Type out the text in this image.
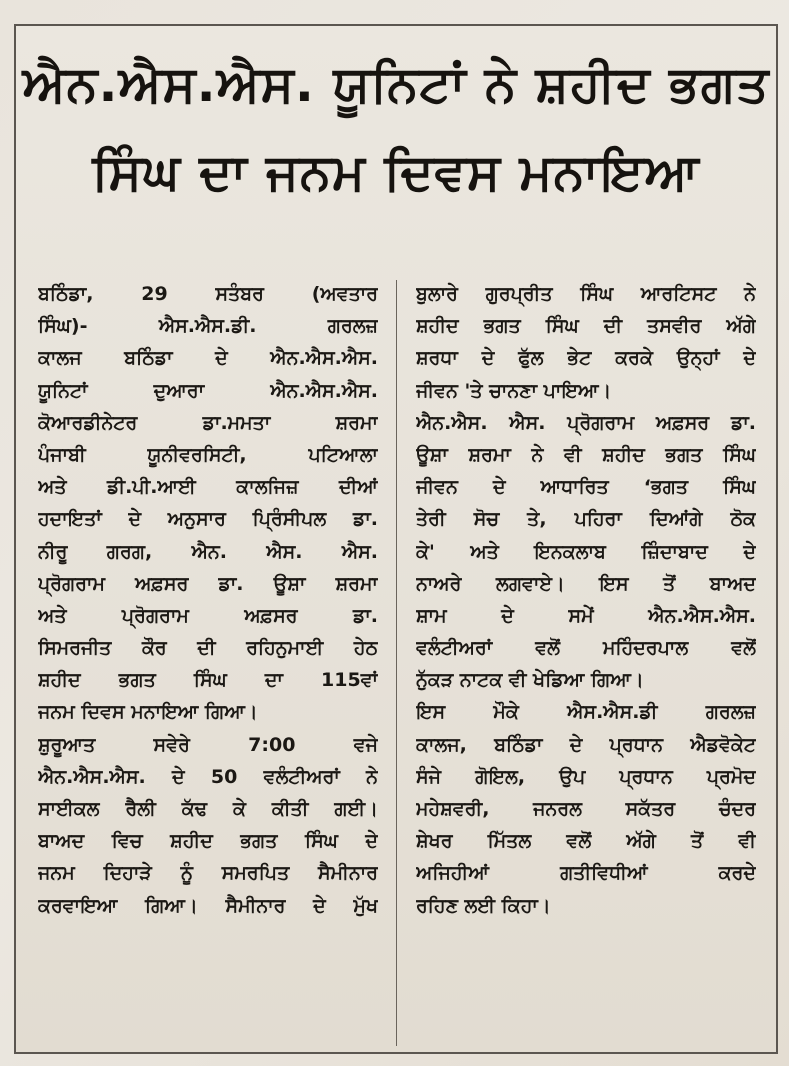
ਐਨ.ਐਸ.ਐਸ. ਯੂਨਿਟਾਂ ਨੇ ਸ਼ਹੀਦ ਭਗਤ
ਸਿੰਘ ਦਾ ਜਨਮ ਦਿਵਸ ਮਨਾਇਆ
ਬਠਿੰਡਾ, 29 ਸਤੰਬਰ (ਅਵਤਾਰ
ਸਿੰਘ)- ਐਸ.ਐਸ.ਡੀ. ਗਰਲਜ਼
ਕਾਲਜ ਬਠਿੰਡਾ ਦੇ ਐਨ.ਐਸ.ਐਸ.
ਯੂਨਿਟਾਂ ਦੁਆਰਾ ਐਨ.ਐਸ.ਐਸ.
ਕੋਆਰਡੀਨੇਟਰ ਡਾ.ਮਮਤਾ ਸ਼ਰਮਾ
ਪੰਜਾਬੀ ਯੂਨੀਵਰਸਿਟੀ, ਪਟਿਆਲਾ
ਅਤੇ ਡੀ.ਪੀ.ਆਈ ਕਾਲਜਿਜ਼ ਦੀਆਂ
ਹਦਾਇਤਾਂ ਦੇ ਅਨੁਸਾਰ ਪ੍ਰਿੰਸੀਪਲ ਡਾ.
ਨੀਰੂ ਗਰਗ, ਐਨ. ਐਸ. ਐਸ.
ਪ੍ਰੋਗਰਾਮ ਅਫ਼ਸਰ ਡਾ. ਊਸ਼ਾ ਸ਼ਰਮਾ
ਅਤੇ ਪ੍ਰੋਗਰਾਮ ਅਫ਼ਸਰ ਡਾ.
ਸਿਮਰਜੀਤ ਕੌਰ ਦੀ ਰਹਿਨੁਮਾਈ ਹੇਠ
ਸ਼ਹੀਦ ਭਗਤ ਸਿੰਘ ਦਾ 115ਵਾਂ
ਜਨਮ ਦਿਵਸ ਮਨਾਇਆ ਗਿਆ।
ਸ਼ੁਰੂਆਤ ਸਵੇਰੇ 7:00 ਵਜੇ
ਐਨ.ਐਸ.ਐਸ. ਦੇ 50 ਵਲੰਟੀਅਰਾਂ ਨੇ
ਸਾਈਕਲ ਰੈਲੀ ਕੱਢ ਕੇ ਕੀਤੀ ਗਈ।
ਬਾਅਦ ਵਿਚ ਸ਼ਹੀਦ ਭਗਤ ਸਿੰਘ ਦੇ
ਜਨਮ ਦਿਹਾੜੇ ਨੂੰ ਸਮਰਪਿਤ ਸੈਮੀਨਾਰ
ਕਰਵਾਇਆ ਗਿਆ। ਸੈਮੀਨਾਰ ਦੇ ਮੁੱਖ
ਬੁਲਾਰੇ ਗੁਰਪ੍ਰੀਤ ਸਿੰਘ ਆਰਟਿਸਟ ਨੇ
ਸ਼ਹੀਦ ਭਗਤ ਸਿੰਘ ਦੀ ਤਸਵੀਰ ਅੱਗੇ
ਸ਼ਰਧਾ ਦੇ ਫੁੱਲ ਭੇਟ ਕਰਕੇ ਉਨ੍ਹਾਂ ਦੇ
ਜੀਵਨ 'ਤੇ ਚਾਨਣਾ ਪਾਇਆ।
ਐਨ.ਐਸ. ਐਸ. ਪ੍ਰੋਗਰਾਮ ਅਫ਼ਸਰ ਡਾ.
ਊਸ਼ਾ ਸ਼ਰਮਾ ਨੇ ਵੀ ਸ਼ਹੀਦ ਭਗਤ ਸਿੰਘ
ਜੀਵਨ ਦੇ ਆਧਾਰਿਤ ‘ਭਗਤ ਸਿੰਘ
ਤੇਰੀ ਸੋਚ ਤੇ, ਪਹਿਰਾ ਦਿਆਂਗੇ ਠੋਕ
ਕੇ' ਅਤੇ ਇਨਕਲਾਬ ਜ਼ਿੰਦਾਬਾਦ ਦੇ
ਨਾਅਰੇ ਲਗਵਾਏ। ਇਸ ਤੋਂ ਬਾਅਦ
ਸ਼ਾਮ ਦੇ ਸਮੇਂ ਐਨ.ਐਸ.ਐਸ.
ਵਲੰਟੀਅਰਾਂ ਵਲੋਂ ਮਹਿੰਦਰਪਾਲ ਵਲੋਂ
ਨੁੱਕੜ ਨਾਟਕ ਵੀ ਖੇਡਿਆ ਗਿਆ।
ਇਸ ਮੌਕੇ ਐਸ.ਐਸ.ਡੀ ਗਰਲਜ਼
ਕਾਲਜ, ਬਠਿੰਡਾ ਦੇ ਪ੍ਰਧਾਨ ਐਡਵੋਕੇਟ
ਸੰਜੇ ਗੋਇਲ, ਉਪ ਪ੍ਰਧਾਨ ਪ੍ਰਮੋਦ
ਮਹੇਸ਼ਵਰੀ, ਜਨਰਲ ਸਕੱਤਰ ਚੰਦਰ
ਸ਼ੇਖਰ ਮਿੱਤਲ ਵਲੋਂ ਅੱਗੇ ਤੋਂ ਵੀ
ਅਜਿਹੀਆਂ ਗਤੀਵਿਧੀਆਂ ਕਰਦੇ
ਰਹਿਣ ਲਈ ਕਿਹਾ।
